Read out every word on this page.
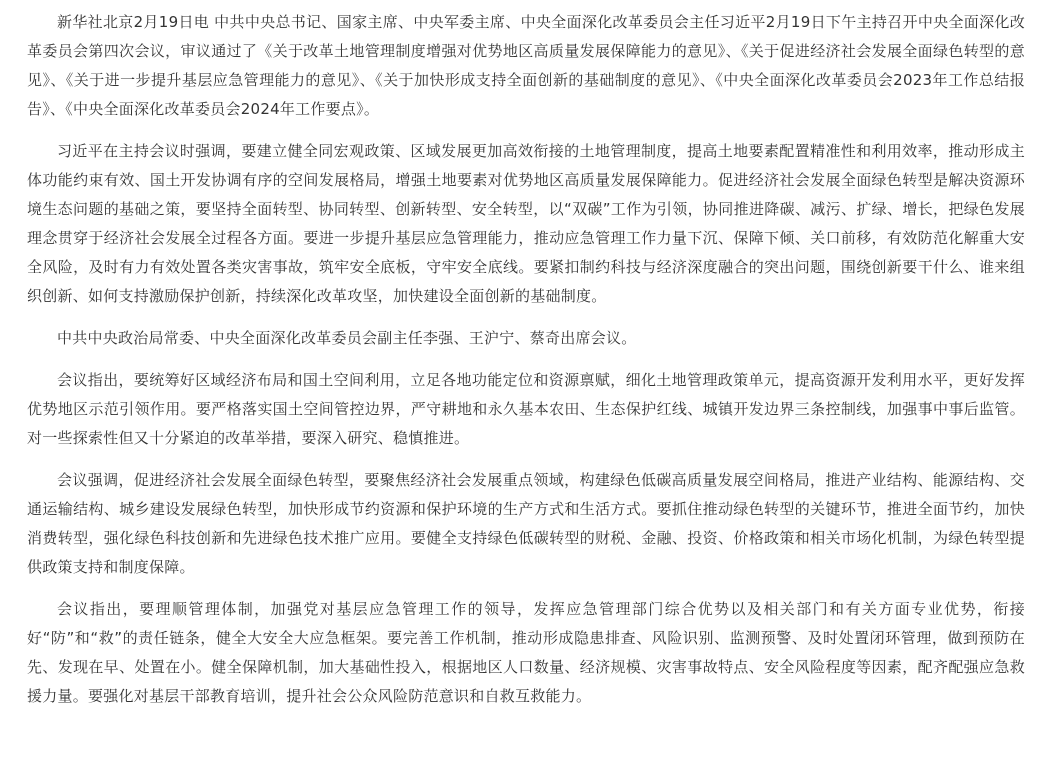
新华社北京2月19日电 中共中央总书记、国家主席、中央军委主席、中央全面深化改革委员会主任习近平2月19日下午主持召开中央全面深化改革委员会第四次会议，审议通过了《关于改革土地管理制度增强对优势地区高质量发展保障能力的意见》、《关于促进经济社会发展全面绿色转型的意见》、《关于进一步提升基层应急管理能力的意见》、《关于加快形成支持全面创新的基础制度的意见》、《中央全面深化改革委员会2023年工作总结报告》、《中央全面深化改革委员会2024年工作要点》。

习近平在主持会议时强调，要建立健全同宏观政策、区域发展更加高效衔接的土地管理制度，提高土地要素配置精准性和利用效率，推动形成主体功能约束有效、国土开发协调有序的空间发展格局，增强土地要素对优势地区高质量发展保障能力。促进经济社会发展全面绿色转型是解决资源环境生态问题的基础之策，要坚持全面转型、协同转型、创新转型、安全转型，以“双碳”工作为引领，协同推进降碳、减污、扩绿、增长，把绿色发展理念贯穿于经济社会发展全过程各方面。要进一步提升基层应急管理能力，推动应急管理工作力量下沉、保障下倾、关口前移，有效防范化解重大安全风险，及时有力有效处置各类灾害事故，筑牢安全底板，守牢安全底线。要紧扣制约科技与经济深度融合的突出问题，围绕创新要干什么、谁来组织创新、如何支持激励保护创新，持续深化改革攻坚，加快建设全面创新的基础制度。

中共中央政治局常委、中央全面深化改革委员会副主任李强、王沪宁、蔡奇出席会议。

会议指出，要统筹好区域经济布局和国土空间利用，立足各地功能定位和资源禀赋，细化土地管理政策单元，提高资源开发利用水平，更好发挥优势地区示范引领作用。要严格落实国土空间管控边界，严守耕地和永久基本农田、生态保护红线、城镇开发边界三条控制线，加强事中事后监管。对一些探索性但又十分紧迫的改革举措，要深入研究、稳慎推进。

会议强调，促进经济社会发展全面绿色转型，要聚焦经济社会发展重点领域，构建绿色低碳高质量发展空间格局，推进产业结构、能源结构、交通运输结构、城乡建设发展绿色转型，加快形成节约资源和保护环境的生产方式和生活方式。要抓住推动绿色转型的关键环节，推进全面节约，加快消费转型，强化绿色科技创新和先进绿色技术推广应用。要健全支持绿色低碳转型的财税、金融、投资、价格政策和相关市场化机制，为绿色转型提供政策支持和制度保障。

会议指出，要理顺管理体制，加强党对基层应急管理工作的领导，发挥应急管理部门综合优势以及相关部门和有关方面专业优势，衔接好“防”和“救”的责任链条，健全大安全大应急框架。要完善工作机制，推动形成隐患排查、风险识别、监测预警、及时处置闭环管理，做到预防在先、发现在早、处置在小。健全保障机制，加大基础性投入，根据地区人口数量、经济规模、灾害事故特点、安全风险程度等因素，配齐配强应急救援力量。要强化对基层干部教育培训，提升社会公众风险防范意识和自救互救能力。
